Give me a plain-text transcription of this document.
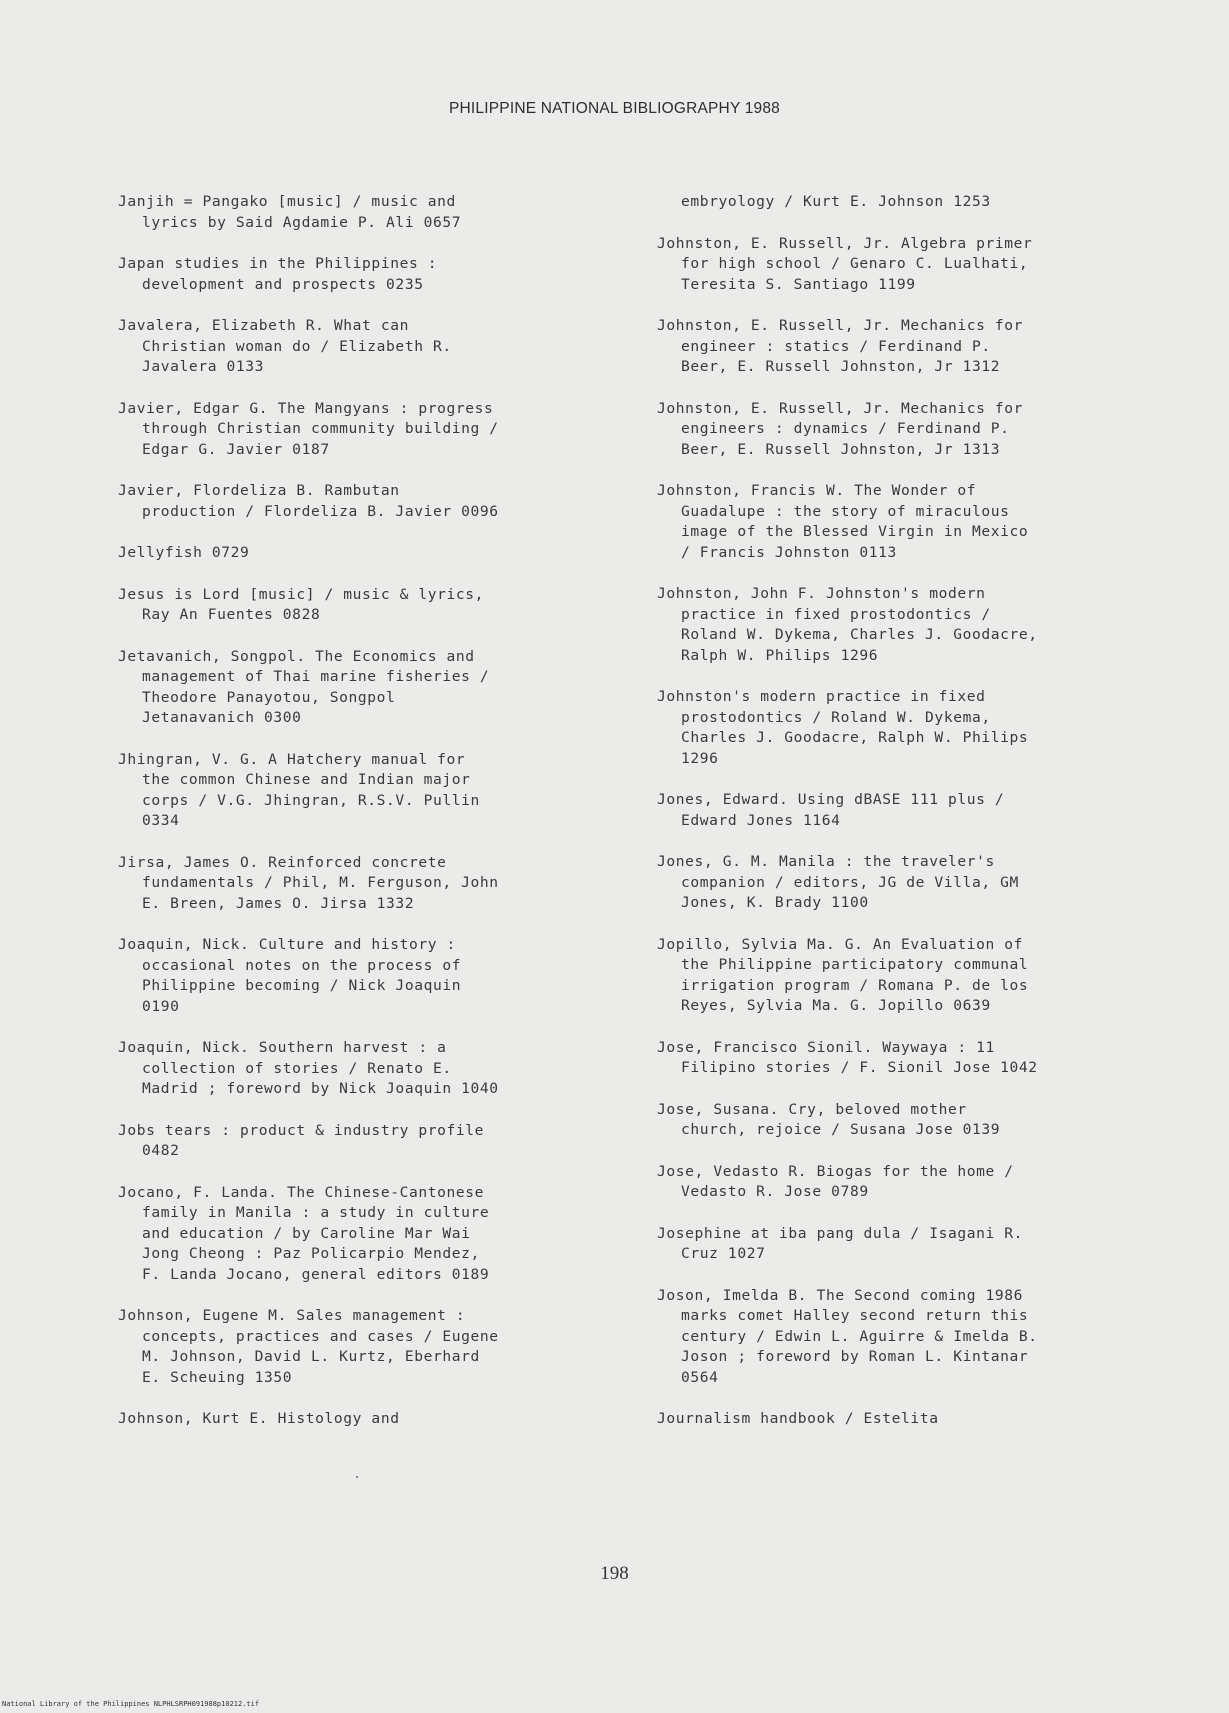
PHILIPPINE NATIONAL BIBLIOGRAPHY 1988
Janjih = Pangako [music] / music and
lyrics by Said Agdamie P. Ali 0657
Japan studies in the Philippines :
development and prospects 0235
Javalera, Elizabeth R. What can
Christian woman do / Elizabeth R.
Javalera 0133
Javier, Edgar G. The Mangyans : progress
through Christian community building /
Edgar G. Javier 0187
Javier, Flordeliza B. Rambutan
production / Flordeliza B. Javier 0096
Jellyfish 0729
Jesus is Lord [music] / music & lyrics,
Ray An Fuentes 0828
Jetavanich, Songpol. The Economics and
management of Thai marine fisheries /
Theodore Panayotou, Songpol
Jetanavanich 0300
Jhingran, V. G. A Hatchery manual for
the common Chinese and Indian major
corps / V.G. Jhingran, R.S.V. Pullin
0334
Jirsa, James O. Reinforced concrete
fundamentals / Phil, M. Ferguson, John
E. Breen, James O. Jirsa 1332
Joaquin, Nick. Culture and history :
occasional notes on the process of
Philippine becoming / Nick Joaquin
0190
Joaquin, Nick. Southern harvest : a
collection of stories / Renato E.
Madrid ; foreword by Nick Joaquin 1040
Jobs tears : product & industry profile
0482
Jocano, F. Landa. The Chinese-Cantonese
family in Manila : a study in culture
and education / by Caroline Mar Wai
Jong Cheong : Paz Policarpio Mendez,
F. Landa Jocano, general editors 0189
Johnson, Eugene M. Sales management :
concepts, practices and cases / Eugene
M. Johnson, David L. Kurtz, Eberhard
E. Scheuing 1350
Johnson, Kurt E. Histology and
embryology / Kurt E. Johnson 1253
Johnston, E. Russell, Jr. Algebra primer
for high school / Genaro C. Lualhati,
Teresita S. Santiago 1199
Johnston, E. Russell, Jr. Mechanics for
engineer : statics / Ferdinand P.
Beer, E. Russell Johnston, Jr 1312
Johnston, E. Russell, Jr. Mechanics for
engineers : dynamics / Ferdinand P.
Beer, E. Russell Johnston, Jr 1313
Johnston, Francis W. The Wonder of
Guadalupe : the story of miraculous
image of the Blessed Virgin in Mexico
/ Francis Johnston 0113
Johnston, John F. Johnston's modern
practice in fixed prostodontics /
Roland W. Dykema, Charles J. Goodacre,
Ralph W. Philips 1296
Johnston's modern practice in fixed
prostodontics / Roland W. Dykema,
Charles J. Goodacre, Ralph W. Philips
1296
Jones, Edward. Using dBASE 111 plus /
Edward Jones 1164
Jones, G. M. Manila : the traveler's
companion / editors, JG de Villa, GM
Jones, K. Brady 1100
Jopillo, Sylvia Ma. G. An Evaluation of
the Philippine participatory communal
irrigation program / Romana P. de los
Reyes, Sylvia Ma. G. Jopillo 0639
Jose, Francisco Sionil. Waywaya : 11
Filipino stories / F. Sionil Jose 1042
Jose, Susana. Cry, beloved mother
church, rejoice / Susana Jose 0139
Jose, Vedasto R. Biogas for the home /
Vedasto R. Jose 0789
Josephine at iba pang dula / Isagani R.
Cruz 1027
Joson, Imelda B. The Second coming 1986
marks comet Halley second return this
century / Edwin L. Aguirre & Imelda B.
Joson ; foreword by Roman L. Kintanar
0564
Journalism handbook / Estelita
198
National Library of the Philippines NLPHLSRPH091988p10212.tif
